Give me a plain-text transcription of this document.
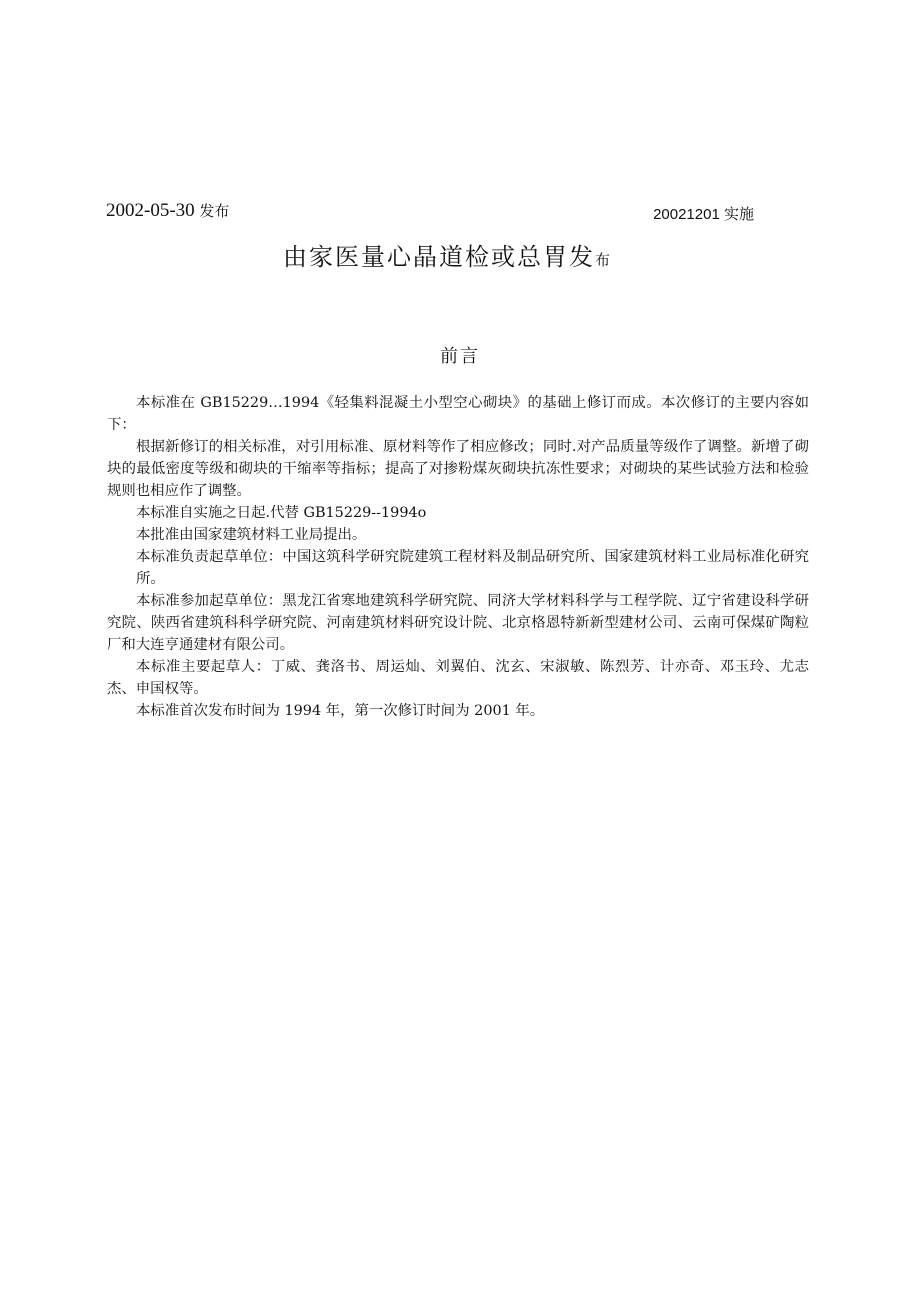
2002-05-30 发布	20021201 实施
由家医量心晶道检或总胃发布
前言

本标准在 GB15229…1994《轻集料混凝土小型空心砌块》的基础上修订而成。本次修订的主要内容如下：

根据新修订的相关标准，对引用标准、原材料等作了相应修改；同时.对产品质量等级作了调整。新增了砌块的最低密度等级和砌块的干缩率等指标；提高了对掺粉煤灰砌块抗冻性要求；对砌块的某些试验方法和检验规则也相应作了调整。

本标准自实施之日起.代替 GB15229--1994o

本批准由国家建筑材料工业局提出。

本标准负责起草单位：中国这筑科学研究院建筑工程材料及制品研究所、国家建筑材料工业局标准化研究所。

本标准参加起草单位：黑龙江省寒地建筑科学研究院、同济大学材料科学与工程学院、辽宁省建设科学研究院、陕西省建筑科科学研究院、河南建筑材料研究设计院、北京格恩特新新型建材公司、云南可保煤矿陶粒厂和大连亨通建材有限公司。

本标准主要起草人：丁威、龚洛书、周运灿、刘翼伯、沈玄、宋淑敏、陈烈芳、计亦奇、邓玉玲、尤志杰、申国权等。

本标准首次发布时间为 1994 年，第一次修订时间为 2001 年。
